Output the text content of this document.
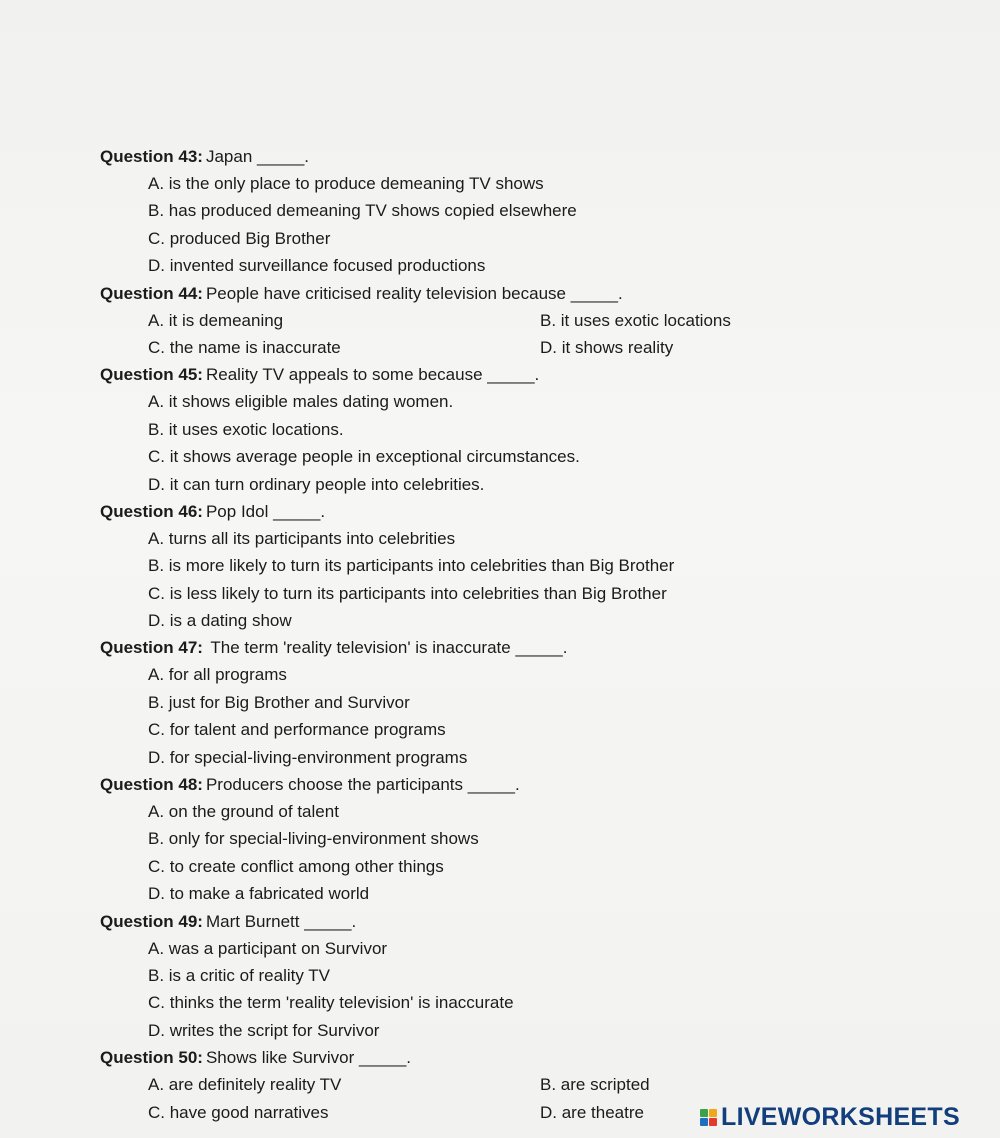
Question 43: Japan _____.
A. is the only place to produce demeaning TV shows
B. has produced demeaning TV shows copied elsewhere
C. produced Big Brother
D. invented surveillance focused productions
Question 44: People have criticised reality television because _____.
A. it is demeaning	B. it uses exotic locations
C. the name is inaccurate	D. it shows reality
Question 45: Reality TV appeals to some because _____.
A. it shows eligible males dating women.
B. it uses exotic locations.
C. it shows average people in exceptional circumstances.
D. it can turn ordinary people into celebrities.
Question 46: Pop Idol _____.
A. turns all its participants into celebrities
B. is more likely to turn its participants into celebrities than Big Brother
C. is less likely to turn its participants into celebrities than Big Brother
D. is a dating show
Question 47: The term 'reality television' is inaccurate _____.
A. for all programs
B. just for Big Brother and Survivor
C. for talent and performance programs
D. for special-living-environment programs
Question 48: Producers choose the participants _____.
A. on the ground of talent
B. only for special-living-environment shows
C. to create conflict among other things
D. to make a fabricated world
Question 49: Mart Burnett _____.
A. was a participant on Survivor
B. is a critic of reality TV
C. thinks the term 'reality television' is inaccurate
D. writes the script for Survivor
Question 50: Shows like Survivor _____.
A. are definitely reality TV	B. are scripted
C. have good narratives	D. are theatre	LIVEWORKSHEETS
